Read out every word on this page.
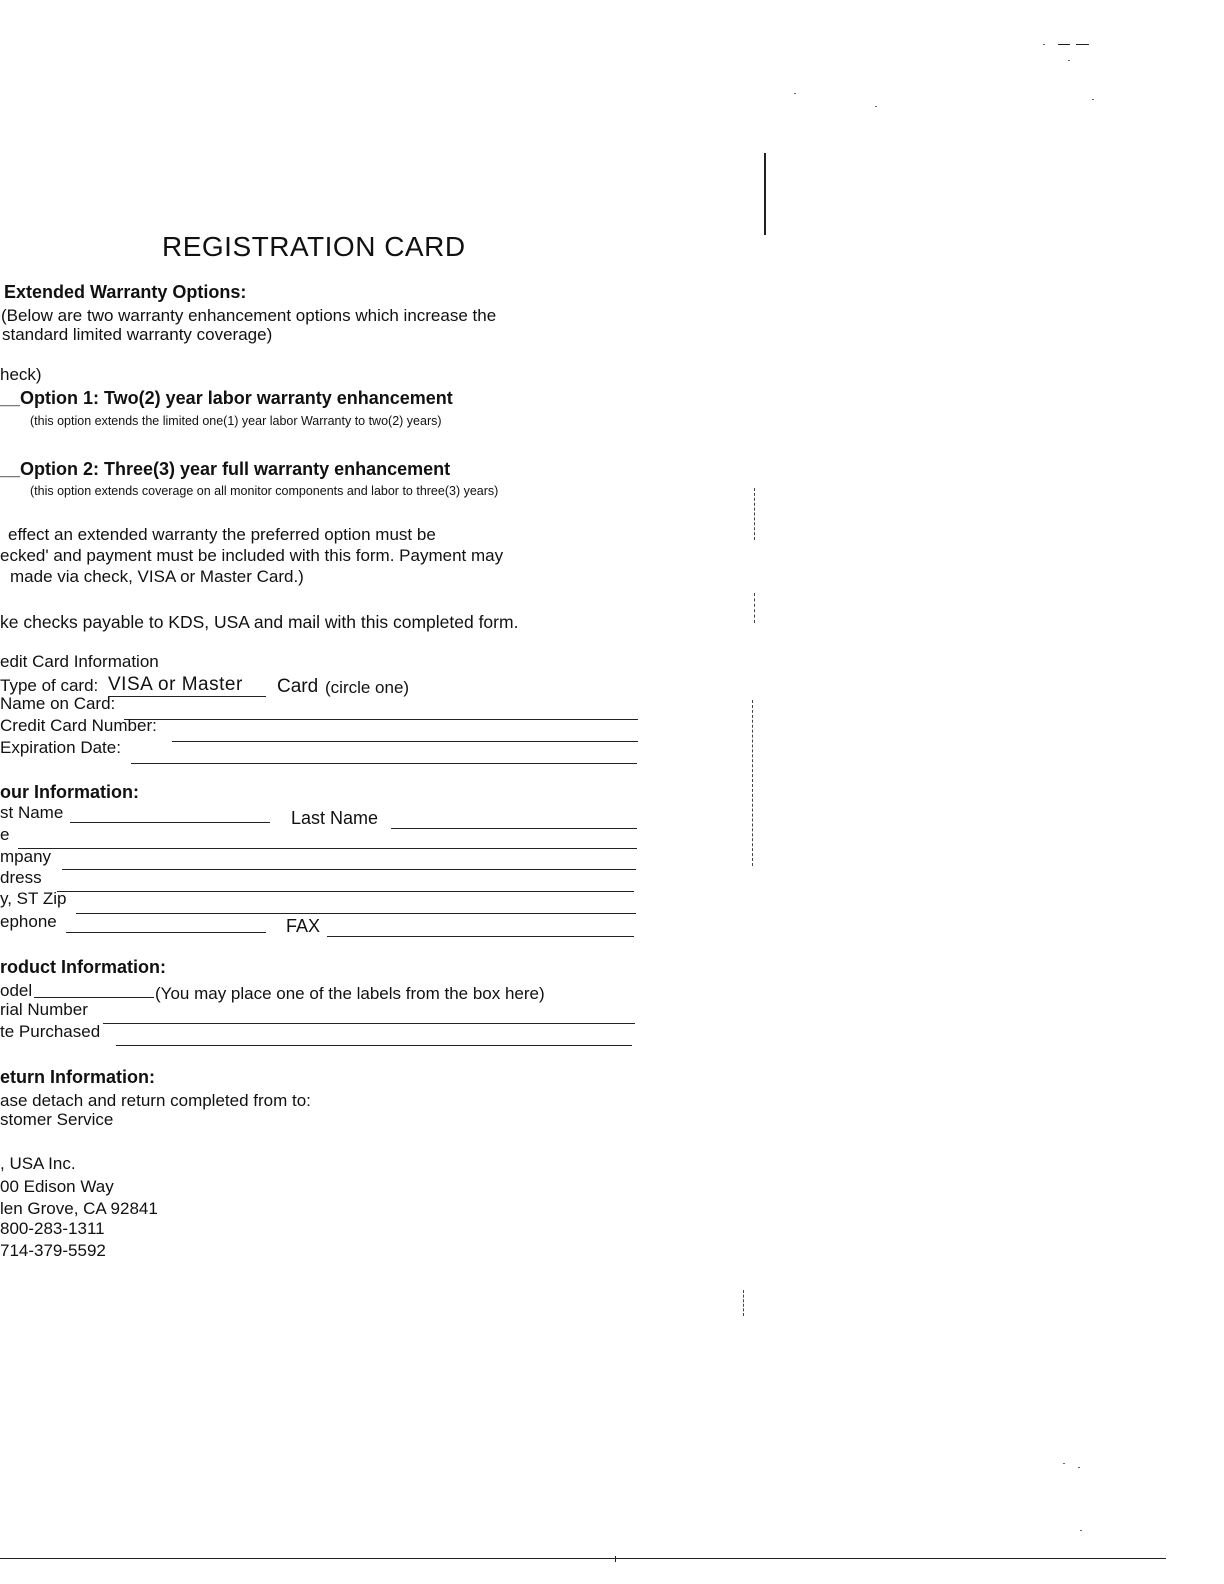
REGISTRATION CARD
Extended Warranty Options:
(Below are two warranty enhancement options which increase the
standard limited warranty coverage)
heck)
__Option 1: Two(2) year labor warranty enhancement
(this option extends the limited one(1) year labor Warranty to two(2) years)
__Option 2: Three(3) year full warranty enhancement
(this option extends coverage on all monitor components and labor to three(3) years)
effect an extended warranty the preferred option must be
ecked' and payment must be included with this form. Payment may
made via check, VISA or Master Card.)
ke checks payable to KDS, USA and mail with this completed form.
edit Card Information
Type of card: VISA or Master Card (circle one)
Name on Card:
Credit Card Number:
Expiration Date:
our Information:
st Name	Last Name
e
mpany
dress
y, ST Zip
ephone	FAX
roduct Information:
odel	(You may place one of the labels from the box here)
rial Number
te Purchased
eturn Information:
ase detach and return completed from to:
stomer Service
, USA Inc.
00 Edison Way
len Grove, CA 92841
800-283-1311
714-379-5592
